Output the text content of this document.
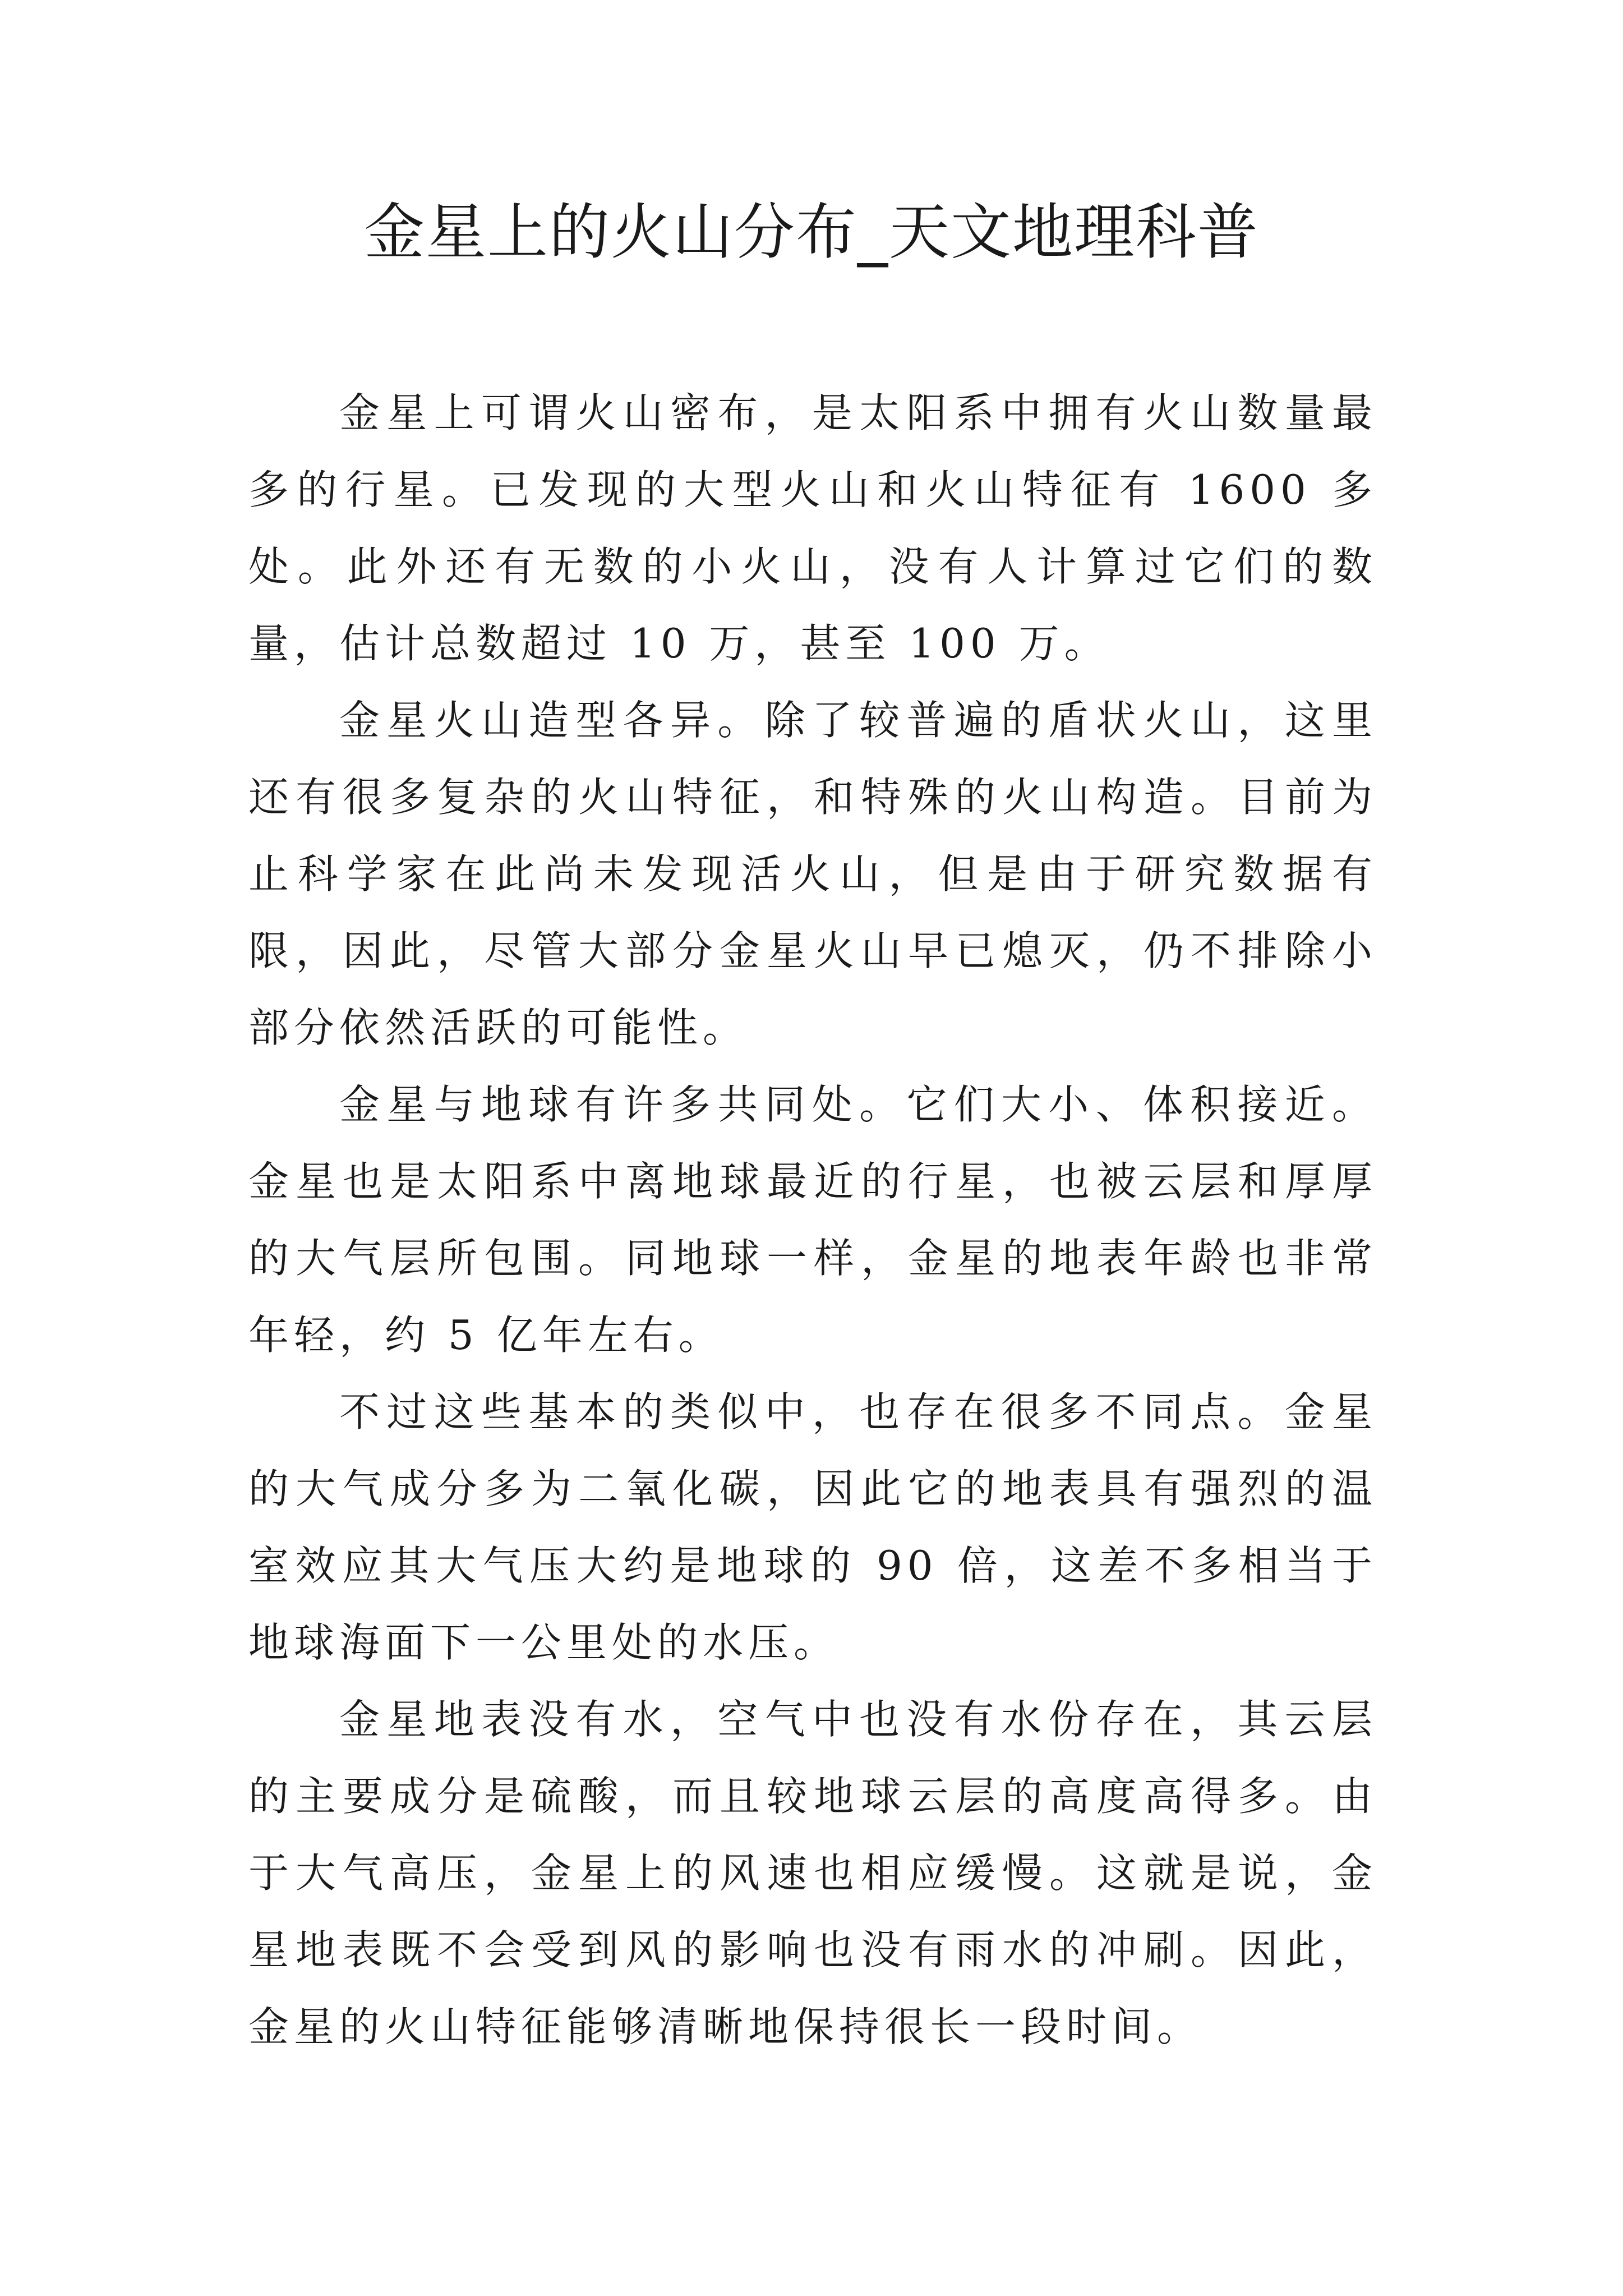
金星上的火山分布_天文地理科普

金星上可谓火山密布，是太阳系中拥有火山数量最多的行星。已发现的大型火山和火山特征有 1600 多处。此外还有无数的小火山，没有人计算过它们的数量，估计总数超过 10 万，甚至 100 万。

金星火山造型各异。除了较普遍的盾状火山，这里还有很多复杂的火山特征，和特殊的火山构造。目前为止科学家在此尚未发现活火山，但是由于研究数据有限，因此，尽管大部分金星火山早已熄灭，仍不排除小部分依然活跃的可能性。

金星与地球有许多共同处。它们大小、体积接近。金星也是太阳系中离地球最近的行星，也被云层和厚厚的大气层所包围。同地球一样，金星的地表年龄也非常年轻，约 5 亿年左右。

不过这些基本的类似中，也存在很多不同点。金星的大气成分多为二氧化碳，因此它的地表具有强烈的温室效应其大气压大约是地球的 90 倍，这差不多相当于地球海面下一公里处的水压。

金星地表没有水，空气中也没有水份存在，其云层的主要成分是硫酸，而且较地球云层的高度高得多。由于大气高压，金星上的风速也相应缓慢。这就是说，金星地表既不会受到风的影响也没有雨水的冲刷。因此，金星的火山特征能够清晰地保持很长一段时间。
